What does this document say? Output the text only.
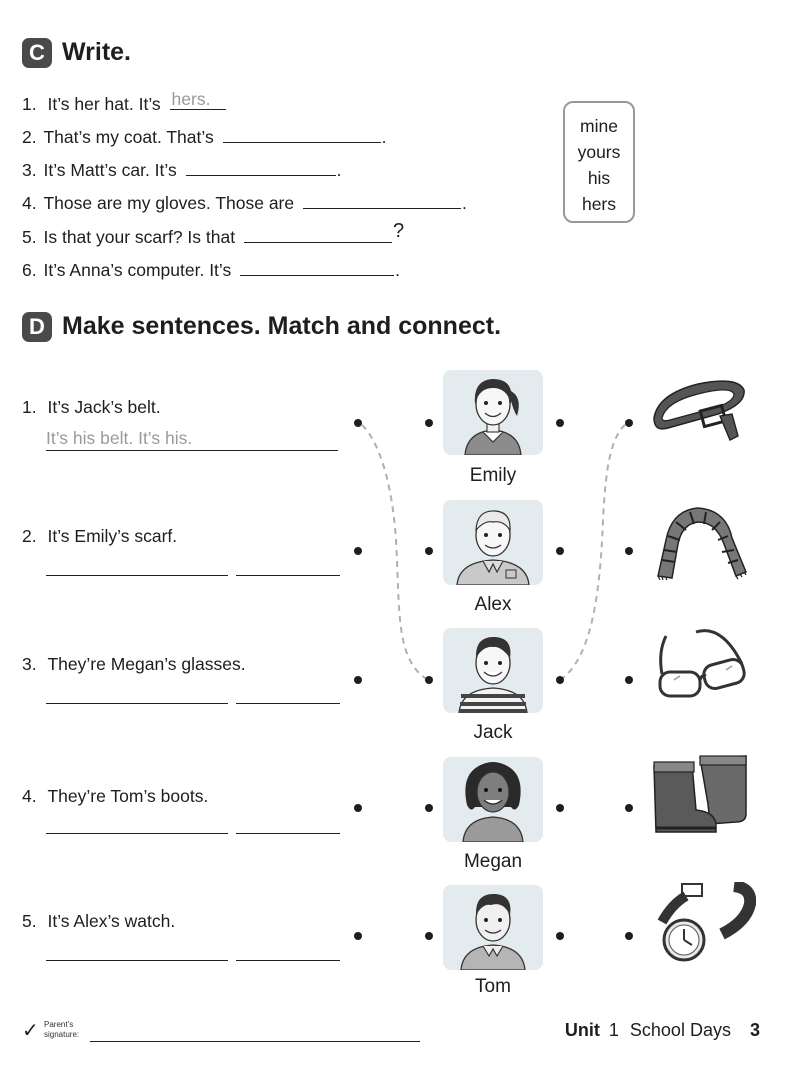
C Write.
1. It’s her hat. It’s hers.
2. That’s my coat. That’s	.
3. It’s Matt’s car. It’s	.
4. Those are my gloves. Those are	.
5. Is that your scarf? Is that	?
6. It’s Anna’s computer. It’s	.
mine
yours
his
hers
D Make sentences. Match and connect.
1. It’s Jack’s belt.
It’s his belt. It’s his.
2. It’s Emily’s scarf.
3. They’re Megan’s glasses.
4. They’re Tom’s boots.
5. It’s Alex’s watch.
Emily
Alex
Jack
Megan
Tom
✓ Parent’s
signature:	Unit 1 School Days 3
